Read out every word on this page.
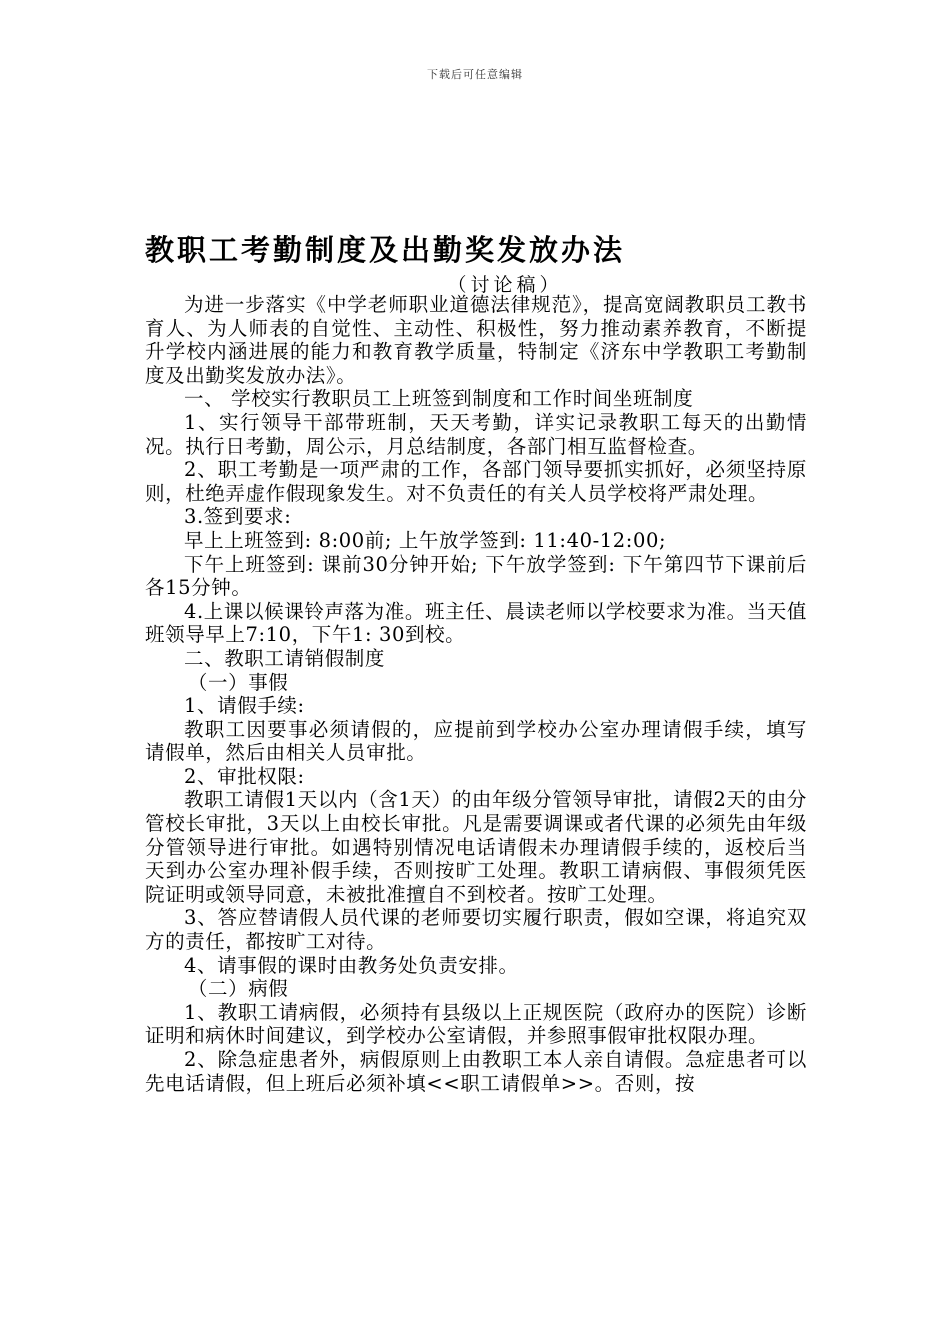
下载后可任意编辑
教职工考勤制度及出勤奖发放办法
（讨论稿）

为进一步落实《中学老师职业道德法律规范》，提高宽阔教职员工教书育人、为人师表的自觉性、主动性、积极性，努力推动素养教育，不断提升学校内涵进展的能力和教育教学质量，特制定《济东中学教职工考勤制度及出勤奖发放办法》。

一、 学校实行教职员工上班签到制度和工作时间坐班制度

1、实行领导干部带班制，天天考勤，详实记录教职工每天的出勤情况。执行日考勤，周公示，月总结制度，各部门相互监督检查。

2、职工考勤是一项严肃的工作，各部门领导要抓实抓好，必须坚持原则，杜绝弄虚作假现象发生。对不负责任的有关人员学校将严肃处理。

3.签到要求:

早上上班签到: 8:00前; 上午放学签到: 11:40-12:00;

下午上班签到: 课前30分钟开始; 下午放学签到: 下午第四节下课前后各15分钟。

4.上课以候课铃声落为准。班主任、晨读老师以学校要求为准。当天值班领导早上7:10，下午1: 30到校。

二、教职工请销假制度

（一）事假

1、请假手续:

教职工因要事必须请假的，应提前到学校办公室办理请假手续，填写请假单，然后由相关人员审批。

2、审批权限:

教职工请假1天以内（含1天）的由年级分管领导审批，请假2天的由分管校长审批，3天以上由校长审批。凡是需要调课或者代课的必须先由年级分管领导进行审批。如遇特别情况电话请假未办理请假手续的，返校后当天到办公室办理补假手续，否则按旷工处理。教职工请病假、事假须凭医院证明或领导同意，未被批准擅自不到校者。按旷工处理。

3、答应替请假人员代课的老师要切实履行职责，假如空课，将追究双方的责任，都按旷工对待。

4、请事假的课时由教务处负责安排。

（二）病假

1、教职工请病假，必须持有县级以上正规医院（政府办的医院）诊断证明和病休时间建议，到学校办公室请假，并参照事假审批权限办理。

2、除急症患者外，病假原则上由教职工本人亲自请假。急症患者可以先电话请假，但上班后必须补填<<职工请假单>>。否则，按
